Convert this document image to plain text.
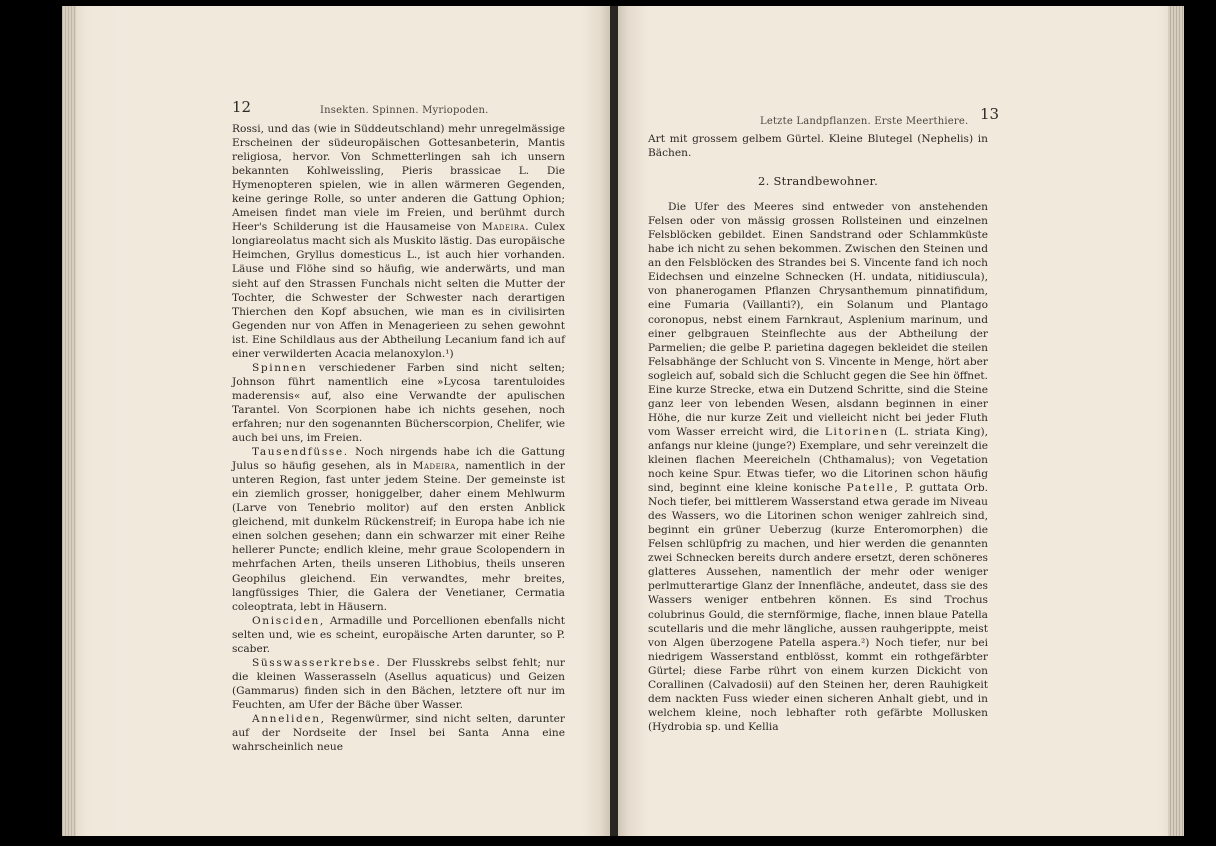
12	Insekten. Spinnen. Myriopoden.

Rossi, und das (wie in Süddeutschland) mehr unregelmässige Erscheinen der südeuropäischen Gottesanbeterin, Mantis religiosa, hervor. Von Schmetterlingen sah ich unsern bekannten Kohlweissling, Pieris brassicae L. Die Hymenopteren spielen, wie in allen wärmeren Gegenden, keine geringe Rolle, so unter anderen die Gattung Ophion; Ameisen findet man viele im Freien, und berühmt durch Heer's Schilderung ist die Hausameise von Madeira. Culex longiareolatus macht sich als Muskito lästig. Das europäische Heimchen, Gryllus domesticus L., ist auch hier vorhanden. Läuse und Flöhe sind so häufig, wie anderwärts, und man sieht auf den Strassen Funchals nicht selten die Mutter der Tochter, die Schwester der Schwester nach derartigen Thierchen den Kopf absuchen, wie man es in civilisirten Gegenden nur von Affen in Menagerieen zu sehen gewohnt ist. Eine Schildlaus aus der Abtheilung Lecanium fand ich auf einer verwilderten Acacia melanoxylon.¹)

Spinnen verschiedener Farben sind nicht selten; Johnson führt namentlich eine »Lycosa tarentuloides maderensis« auf, also eine Verwandte der apulischen Tarantel. Von Scorpionen habe ich nichts gesehen, noch erfahren; nur den sogenannten Bücherscorpion, Chelifer, wie auch bei uns, im Freien.

Tausendfüsse. Noch nirgends habe ich die Gattung Julus so häufig gesehen, als in Madeira, namentlich in der unteren Region, fast unter jedem Steine. Der gemeinste ist ein ziemlich grosser, honiggelber, daher einem Mehlwurm (Larve von Tenebrio molitor) auf den ersten Anblick gleichend, mit dunkelm Rückenstreif; in Europa habe ich nie einen solchen gesehen; dann ein schwarzer mit einer Reihe hellerer Puncte; endlich kleine, mehr graue Scolopendern in mehrfachen Arten, theils unseren Lithobius, theils unseren Geophilus gleichend. Ein verwandtes, mehr breites, langfüssiges Thier, die Galera der Venetianer, Cermatia coleoptrata, lebt in Häusern.

Onisciden, Armadille und Porcellionen ebenfalls nicht selten und, wie es scheint, europäische Arten darunter, so P. scaber.

Süsswasserkrebse. Der Flusskrebs selbst fehlt; nur die kleinen Wasserasseln (Asellus aquaticus) und Geizen (Gammarus) finden sich in den Bächen, letztere oft nur im Feuchten, am Ufer der Bäche über Wasser.

Anneliden, Regenwürmer, sind nicht selten, darunter auf der Nordseite der Insel bei Santa Anna eine wahrscheinlich neue

Letzte Landpflanzen. Erste Meerthiere. 13

Art mit grossem gelbem Gürtel. Kleine Blutegel (Nephelis) in Bächen.

2. Strandbewohner.

Die Ufer des Meeres sind entweder von anstehenden Felsen oder von mässig grossen Rollsteinen und einzelnen Felsblöcken gebildet. Einen Sandstrand oder Schlammküste habe ich nicht zu sehen bekommen. Zwischen den Steinen und an den Felsblöcken des Strandes bei S. Vincente fand ich noch Eidechsen und einzelne Schnecken (H. undata, nitidiuscula), von phanerogamen Pflanzen Chrysanthemum pinnatifidum, eine Fumaria (Vaillanti?), ein Solanum und Plantago coronopus, nebst einem Farnkraut, Asplenium marinum, und einer gelbgrauen Steinflechte aus der Abtheilung der Parmelien; die gelbe P. parietina dagegen bekleidet die steilen Felsabhänge der Schlucht von S. Vincente in Menge, hört aber sogleich auf, sobald sich die Schlucht gegen die See hin öffnet. Eine kurze Strecke, etwa ein Dutzend Schritte, sind die Steine ganz leer von lebenden Wesen, alsdann beginnen in einer Höhe, die nur kurze Zeit und vielleicht nicht bei jeder Fluth vom Wasser erreicht wird, die Litorinen (L. striata King), anfangs nur kleine (junge?) Exemplare, und sehr vereinzelt die kleinen flachen Meereicheln (Chthamalus); von Vegetation noch keine Spur. Etwas tiefer, wo die Litorinen schon häufig sind, beginnt eine kleine konische Patelle, P. guttata Orb. Noch tiefer, bei mittlerem Wasserstand etwa gerade im Niveau des Wassers, wo die Litorinen schon weniger zahlreich sind, beginnt ein grüner Ueberzug (kurze Enteromorphen) die Felsen schlüpfrig zu machen, und hier werden die genannten zwei Schnecken bereits durch andere ersetzt, deren schöneres glatteres Aussehen, namentlich der mehr oder weniger perlmutterartige Glanz der Innenfläche, andeutet, dass sie des Wassers weniger entbehren können. Es sind Trochus colubrinus Gould, die sternförmige, flache, innen blaue Patella scutellaris und die mehr längliche, aussen rauhgerippte, meist von Algen überzogene Patella aspera.²) Noch tiefer, nur bei niedrigem Wasserstand entblösst, kommt ein rothgefärbter Gürtel; diese Farbe rührt von einem kurzen Dickicht von Corallinen (Calvadosii) auf den Steinen her, deren Rauhigkeit dem nackten Fuss wieder einen sicheren Anhalt giebt, und in welchem kleine, noch lebhafter roth gefärbte Mollusken (Hydrobia sp. und Kellia
